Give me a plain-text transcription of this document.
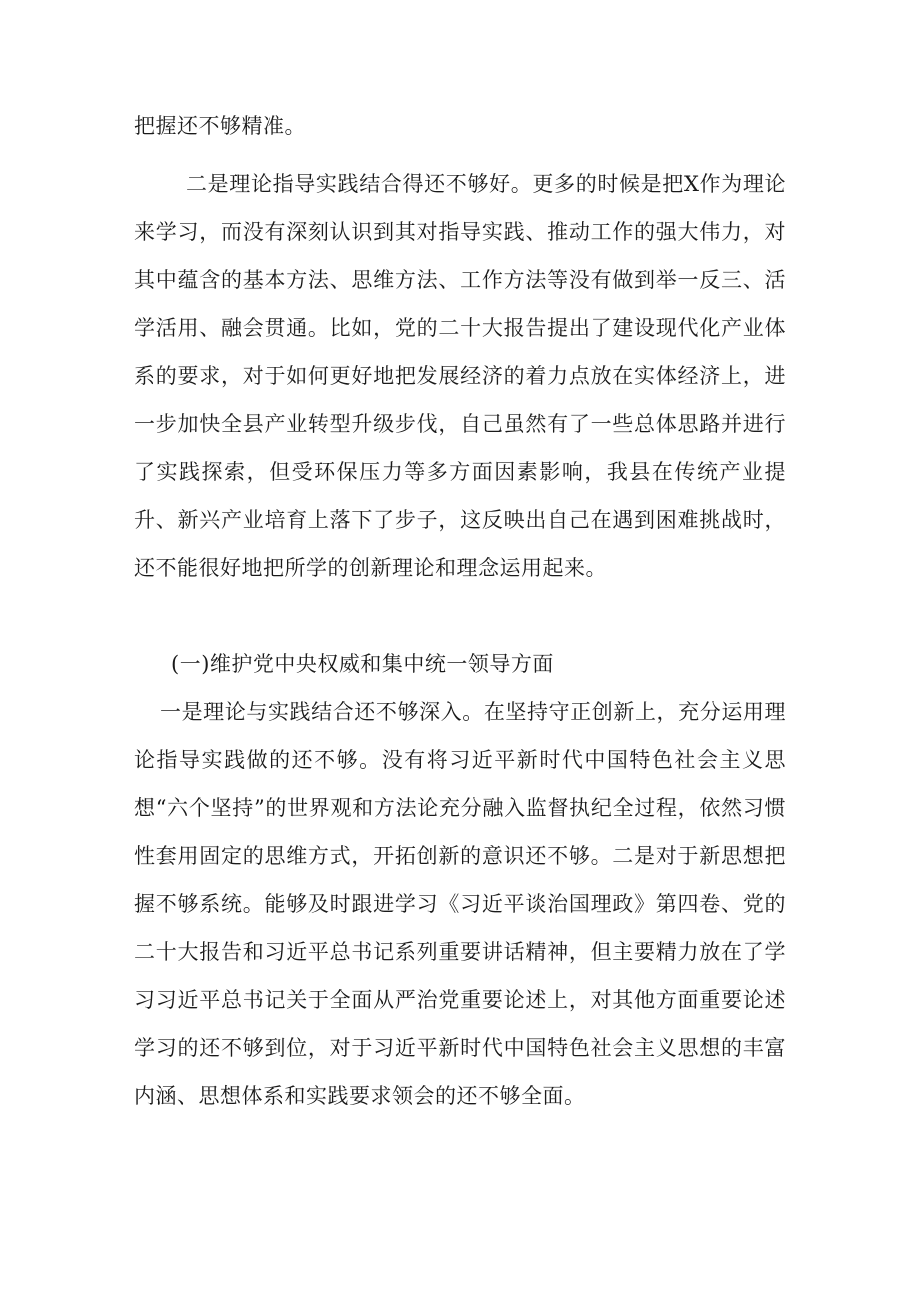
把握还不够精准。

二是理论指导实践结合得还不够好。更多的时候是把X作为理论来学习，而没有深刻认识到其对指导实践、推动工作的强大伟力，对其中蕴含的基本方法、思维方法、工作方法等没有做到举一反三、活学活用、融会贯通。比如，党的二十大报告提出了建设现代化产业体系的要求，对于如何更好地把发展经济的着力点放在实体经济上，进一步加快全县产业转型升级步伐，自己虽然有了一些总体思路并进行了实践探索，但受环保压力等多方面因素影响，我县在传统产业提升、新兴产业培育上落下了步子，这反映出自己在遇到困难挑战时，还不能很好地把所学的创新理论和理念运用起来。

(一)维护党中央权威和集中统一领导方面

一是理论与实践结合还不够深入。在坚持守正创新上，充分运用理论指导实践做的还不够。没有将习近平新时代中国特色社会主义思想“六个坚持”的世界观和方法论充分融入监督执纪全过程，依然习惯性套用固定的思维方式，开拓创新的意识还不够。二是对于新思想把握不够系统。能够及时跟进学习《习近平谈治国理政》第四卷、党的二十大报告和习近平总书记系列重要讲话精神，但主要精力放在了学习习近平总书记关于全面从严治党重要论述上，对其他方面重要论述学习的还不够到位，对于习近平新时代中国特色社会主义思想的丰富内涵、思想体系和实践要求领会的还不够全面。
